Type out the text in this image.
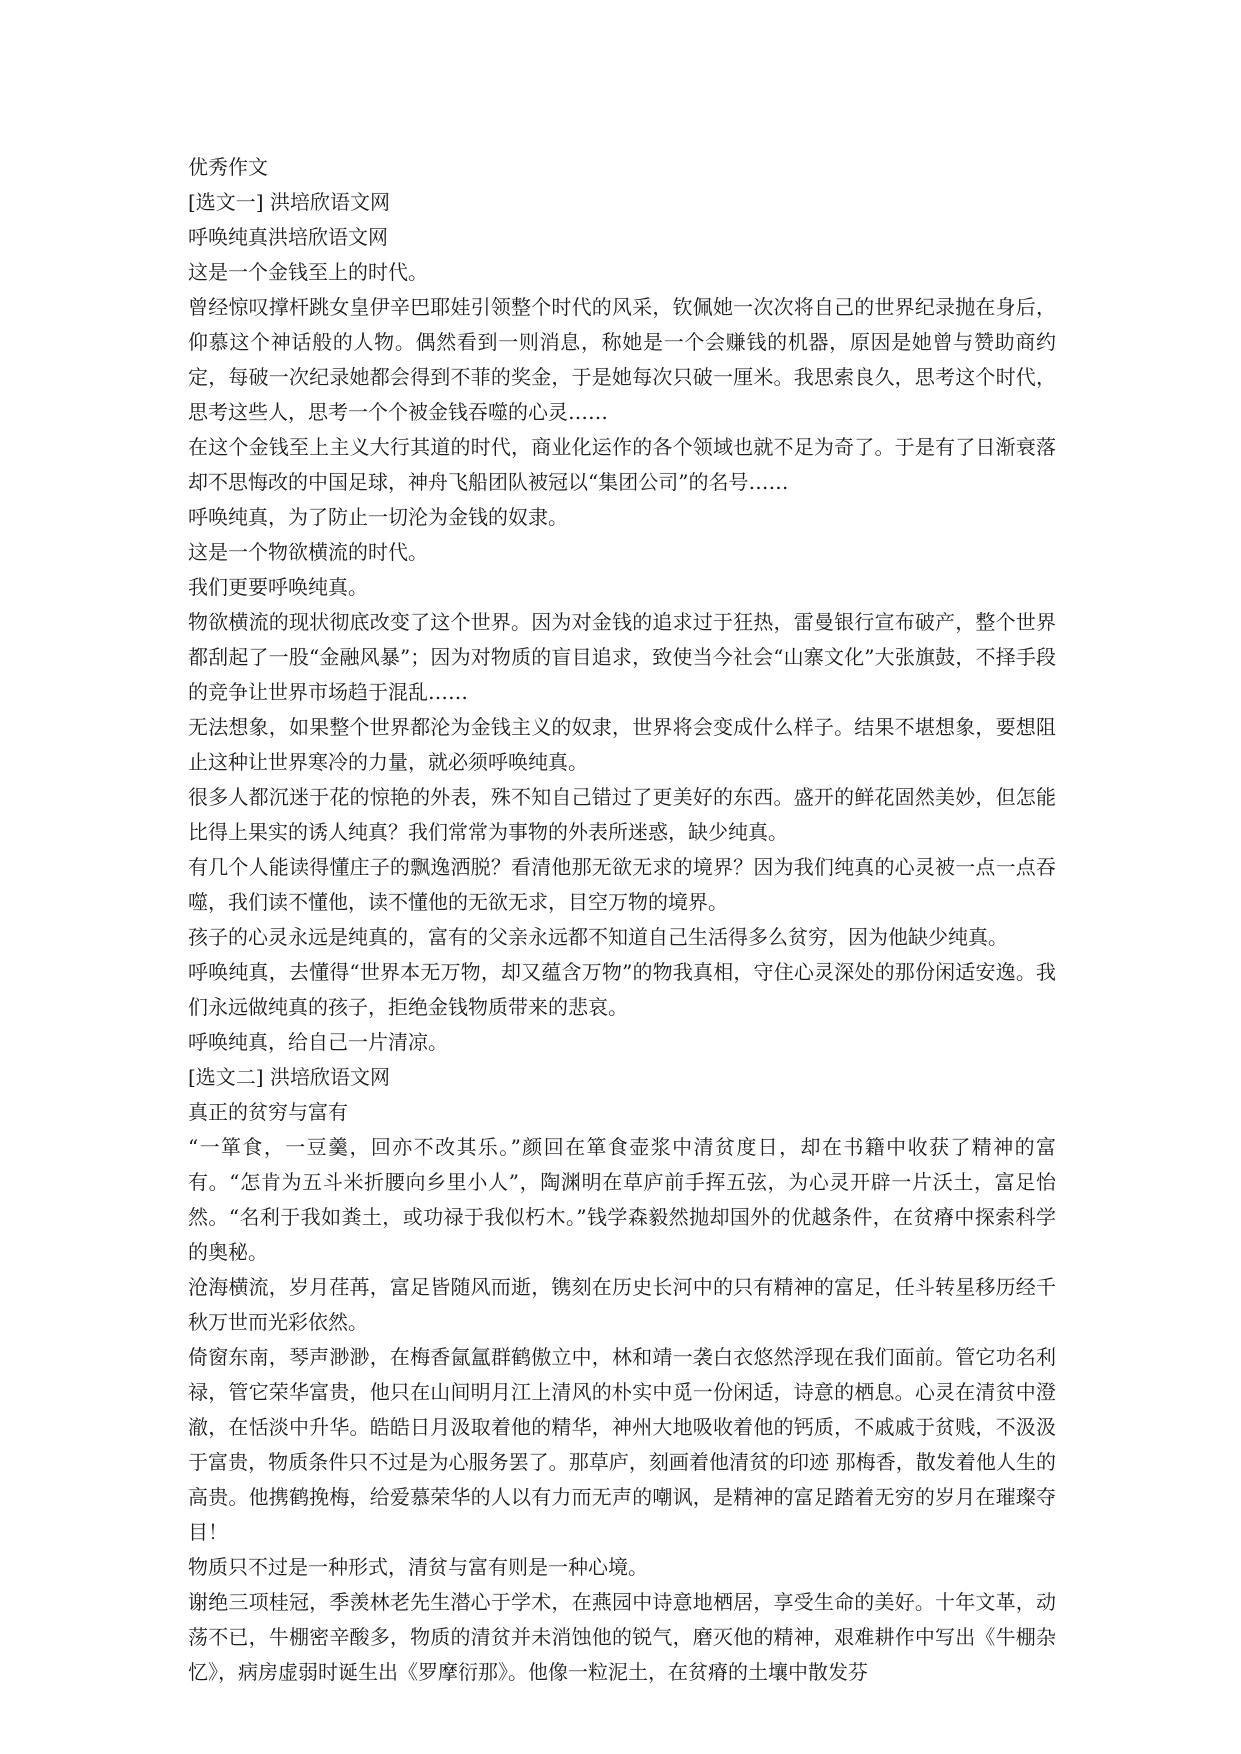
优秀作文
[选文一] 洪培欣语文网
呼唤纯真洪培欣语文网
这是一个金钱至上的时代。
曾经惊叹撑杆跳女皇伊辛巴耶娃引领整个时代的风采，钦佩她一次次将自己的世界纪录抛在身后，仰慕这个神话般的人物。偶然看到一则消息，称她是一个会赚钱的机器，原因是她曾与赞助商约定，每破一次纪录她都会得到不菲的奖金，于是她每次只破一厘米。我思索良久，思考这个时代，思考这些人，思考一个个被金钱吞噬的心灵……
在这个金钱至上主义大行其道的时代，商业化运作的各个领域也就不足为奇了。于是有了日渐衰落却不思悔改的中国足球，神舟飞船团队被冠以“集团公司”的名号……
呼唤纯真，为了防止一切沦为金钱的奴隶。
这是一个物欲横流的时代。
我们更要呼唤纯真。
物欲横流的现状彻底改变了这个世界。因为对金钱的追求过于狂热，雷曼银行宣布破产，整个世界都刮起了一股“金融风暴”；因为对物质的盲目追求，致使当今社会“山寨文化”大张旗鼓，不择手段的竞争让世界市场趋于混乱……
无法想象，如果整个世界都沦为金钱主义的奴隶，世界将会变成什么样子。结果不堪想象，要想阻止这种让世界寒冷的力量，就必须呼唤纯真。
很多人都沉迷于花的惊艳的外表，殊不知自己错过了更美好的东西。盛开的鲜花固然美妙，但怎能比得上果实的诱人纯真？我们常常为事物的外表所迷惑，缺少纯真。
有几个人能读得懂庄子的飘逸洒脱？看清他那无欲无求的境界？因为我们纯真的心灵被一点一点吞噬，我们读不懂他，读不懂他的无欲无求，目空万物的境界。
孩子的心灵永远是纯真的，富有的父亲永远都不知道自己生活得多么贫穷，因为他缺少纯真。
呼唤纯真，去懂得“世界本无万物，却又蕴含万物”的物我真相，守住心灵深处的那份闲适安逸。我们永远做纯真的孩子，拒绝金钱物质带来的悲哀。
呼唤纯真，给自己一片清凉。
[选文二] 洪培欣语文网
真正的贫穷与富有
“一箪食，一豆羹，回亦不改其乐。”颜回在箪食壶浆中清贫度日，却在书籍中收获了精神的富有。“怎肯为五斗米折腰向乡里小人”，陶渊明在草庐前手挥五弦，为心灵开辟一片沃土，富足怡然。“名利于我如粪土，或功禄于我似朽木。”钱学森毅然抛却国外的优越条件，在贫瘠中探索科学的奥秘。
沧海横流，岁月荏苒，富足皆随风而逝，镌刻在历史长河中的只有精神的富足，任斗转星移历经千秋万世而光彩依然。
倚窗东南，琴声渺渺，在梅香氤氲群鹤傲立中，林和靖一袭白衣悠然浮现在我们面前。管它功名利禄，管它荣华富贵，他只在山间明月江上清风的朴实中觅一份闲适，诗意的栖息。心灵在清贫中澄澈，在恬淡中升华。皓皓日月汲取着他的精华，神州大地吸收着他的钙质，不戚戚于贫贱，不汲汲于富贵，物质条件只不过是为心服务罢了。那草庐，刻画着他清贫的印迹 那梅香，散发着他人生的高贵。他携鹤挽梅，给爱慕荣华的人以有力而无声的嘲讽，是精神的富足踏着无穷的岁月在璀璨夺目！
物质只不过是一种形式，清贫与富有则是一种心境。
谢绝三项桂冠，季羡林老先生潜心于学术，在燕园中诗意地栖居，享受生命的美好。十年文革，动荡不已，牛棚密辛酸多，物质的清贫并未消蚀他的锐气，磨灭他的精神，艰难耕作中写出《牛棚杂忆》，病房虚弱时诞生出《罗摩衍那》。他像一粒泥土，在贫瘠的土壤中散发芬
